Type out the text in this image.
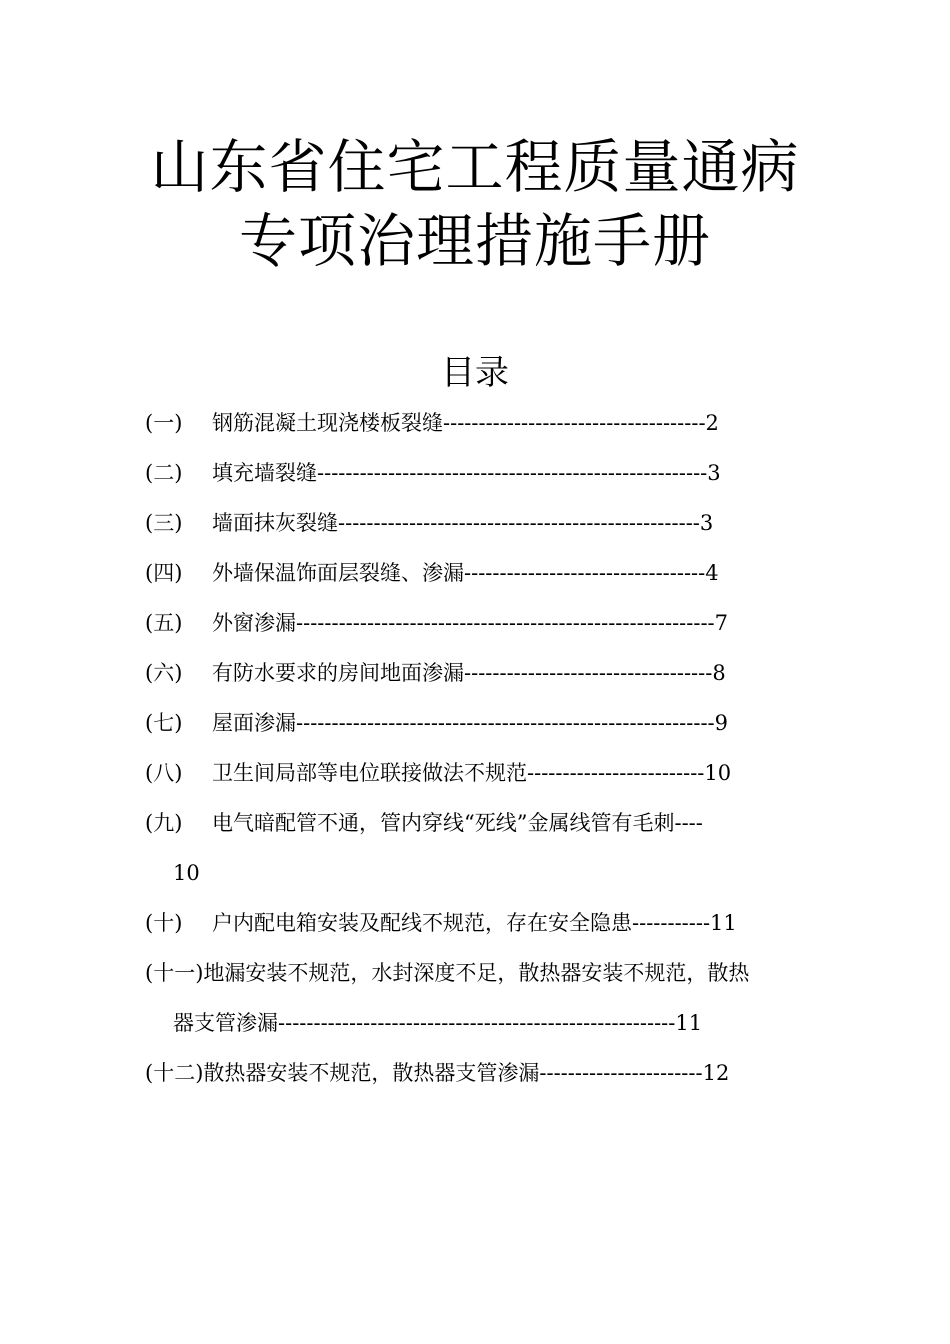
山东省住宅工程质量通病
专项治理措施手册
目录
(一) 钢筋混凝土现浇楼板裂缝-------------------------------------2
(二) 填充墙裂缝-------------------------------------------------------3
(三) 墙面抹灰裂缝---------------------------------------------------3
(四) 外墙保温饰面层裂缝、渗漏----------------------------------4
(五) 外窗渗漏-----------------------------------------------------------7
(六) 有防水要求的房间地面渗漏-----------------------------------8
(七) 屋面渗漏-----------------------------------------------------------9
(八) 卫生间局部等电位联接做法不规范-------------------------10
(九) 电气暗配管不通，管内穿线“死线”金属线管有毛刺----
10
(十) 户内配电箱安装及配线不规范，存在安全隐患-----------11
(十一)地漏安装不规范，水封深度不足，散热器安装不规范，散热
器支管渗漏--------------------------------------------------------11
(十二)散热器安装不规范，散热器支管渗漏-----------------------12
